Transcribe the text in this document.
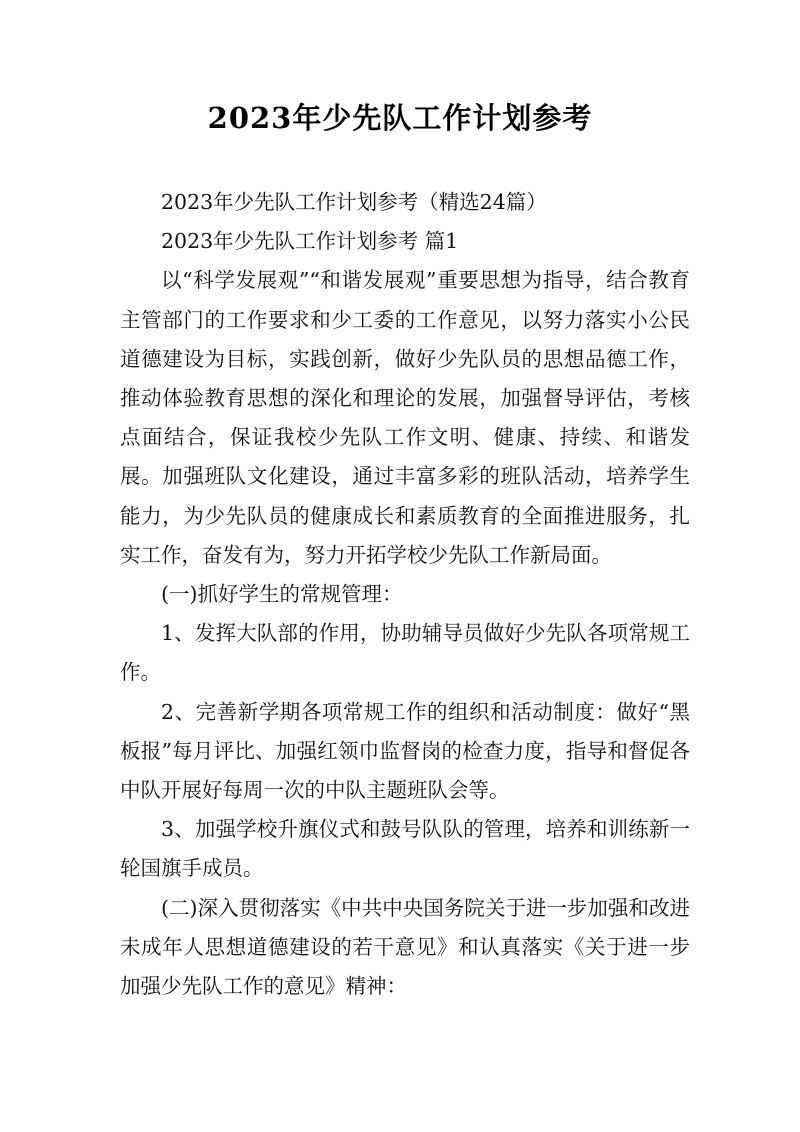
2023年少先队工作计划参考

2023年少先队工作计划参考（精选24篇）

2023年少先队工作计划参考 篇1

以“科学发展观”“和谐发展观”重要思想为指导，结合教育主管部门的工作要求和少工委的工作意见，以努力落实小公民道德建设为目标，实践创新，做好少先队员的思想品德工作，推动体验教育思想的深化和理论的发展，加强督导评估，考核点面结合，保证我校少先队工作文明、健康、持续、和谐发展。加强班队文化建设，通过丰富多彩的班队活动，培养学生能力，为少先队员的健康成长和素质教育的全面推进服务，扎实工作，奋发有为，努力开拓学校少先队工作新局面。

(一)抓好学生的常规管理：

1、发挥大队部的作用，协助辅导员做好少先队各项常规工作。

2、完善新学期各项常规工作的组织和活动制度：做好“黑板报”每月评比、加强红领巾监督岗的检查力度，指导和督促各中队开展好每周一次的中队主题班队会等。

3、加强学校升旗仪式和鼓号队队的管理，培养和训练新一轮国旗手成员。

(二)深入贯彻落实《中共中央国务院关于进一步加强和改进未成年人思想道德建设的若干意见》和认真落实《关于进一步加强少先队工作的意见》精神：
